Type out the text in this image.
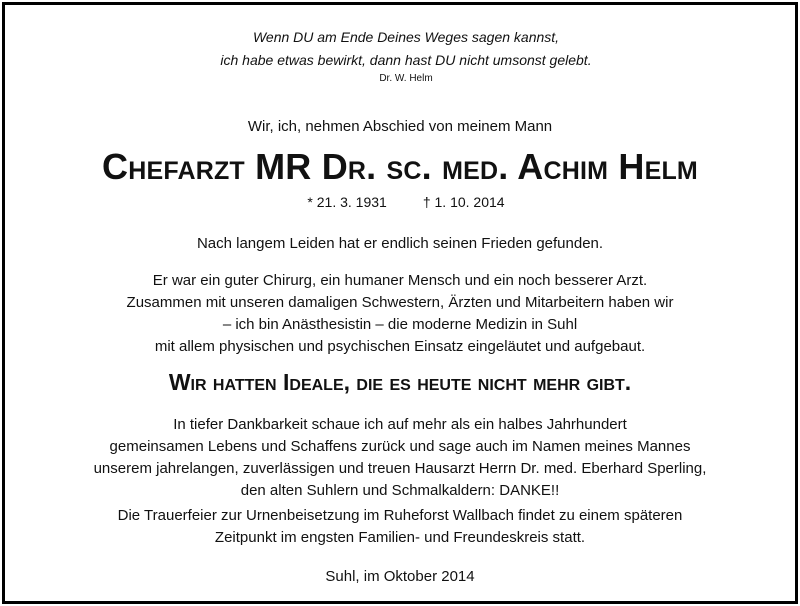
Wenn DU am Ende Deines Weges sagen kannst,
ich habe etwas bewirkt, dann hast DU nicht umsonst gelebt.
Dr. W. Helm
Wir, ich, nehmen Abschied von meinem Mann
Chefarzt MR Dr. sc. med. Achim Helm
* 21. 3. 1931	† 1. 10. 2014
Nach langem Leiden hat er endlich seinen Frieden gefunden.
Er war ein guter Chirurg, ein humaner Mensch und ein noch besserer Arzt.
Zusammen mit unseren damaligen Schwestern, Ärzten und Mitarbeitern haben wir
– ich bin Anästhesistin – die moderne Medizin in Suhl
mit allem physischen und psychischen Einsatz eingeläutet und aufgebaut.
Wir hatten Ideale, die es heute nicht mehr gibt.
In tiefer Dankbarkeit schaue ich auf mehr als ein halbes Jahrhundert
gemeinsamen Lebens und Schaffens zurück und sage auch im Namen meines Mannes
unserem jahrelangen, zuverlässigen und treuen Hausarzt Herrn Dr. med. Eberhard Sperling,
den alten Suhlern und Schmalkaldern: DANKE!!
Die Trauerfeier zur Urnenbeisetzung im Ruheforst Wallbach findet zu einem späteren
Zeitpunkt im engsten Familien- und Freundeskreis statt.
Suhl, im Oktober 2014
